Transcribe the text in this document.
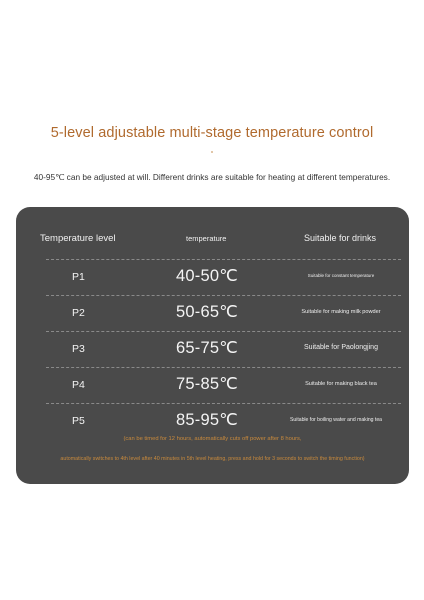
5-level adjustable multi-stage temperature control
40-95℃ can be adjusted at will. Different drinks are suitable for heating at different temperatures.
Temperature level	temperature	Suitable for drinks
P1	40-50℃	Suitable for constant temperature
P2	50-65℃	Suitable for making milk powder
P3	65-75℃	Suitable for Paolongjing
P4	75-85℃	Suitable for making black tea
P5	85-95℃	Suitable for boiling water and making tea
(can be timed for 12 hours, automatically cuts off power after 8 hours,
automatically switches to 4th level after 40 minutes in 5th level heating, press and hold for 3 seconds to switch the timing function)
